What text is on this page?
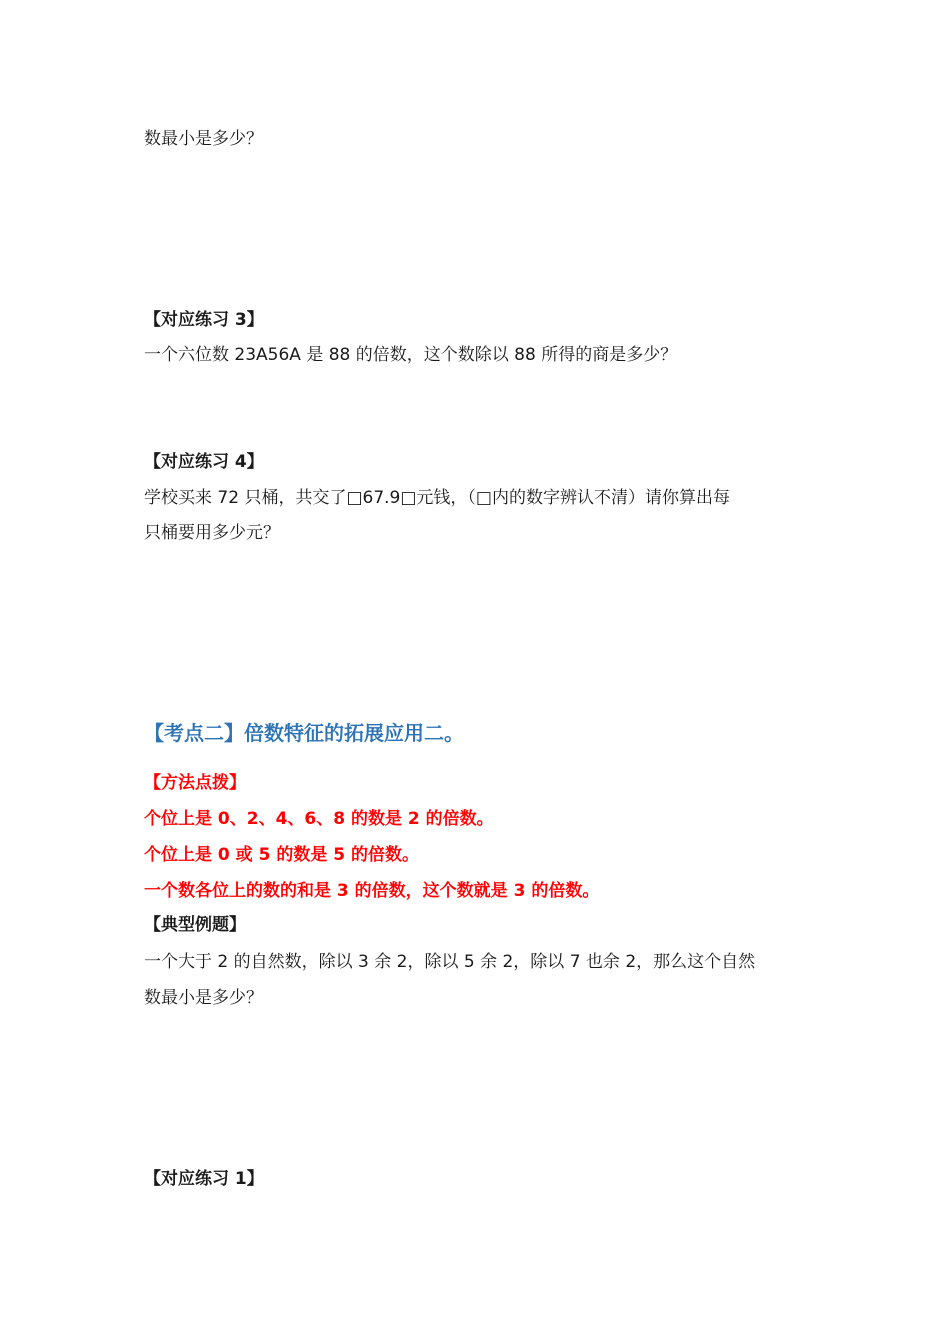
数最小是多少？
【对应练习 3】
一个六位数 23A56A 是 88 的倍数，这个数除以 88 所得的商是多少？
【对应练习 4】
学校买来 72 只桶，共交了□67.9□元钱，（□内的数字辨认不清）请你算出每
只桶要用多少元？
【考点二】倍数特征的拓展应用二。
【方法点拨】
个位上是 0、2、4、6、8 的数是 2 的倍数。
个位上是 0 或 5 的数是 5 的倍数。
一个数各位上的数的和是 3 的倍数，这个数就是 3 的倍数。
【典型例题】
一个大于 2 的自然数，除以 3 余 2，除以 5 余 2，除以 7 也余 2，那么这个自然
数最小是多少？
【对应练习 1】
